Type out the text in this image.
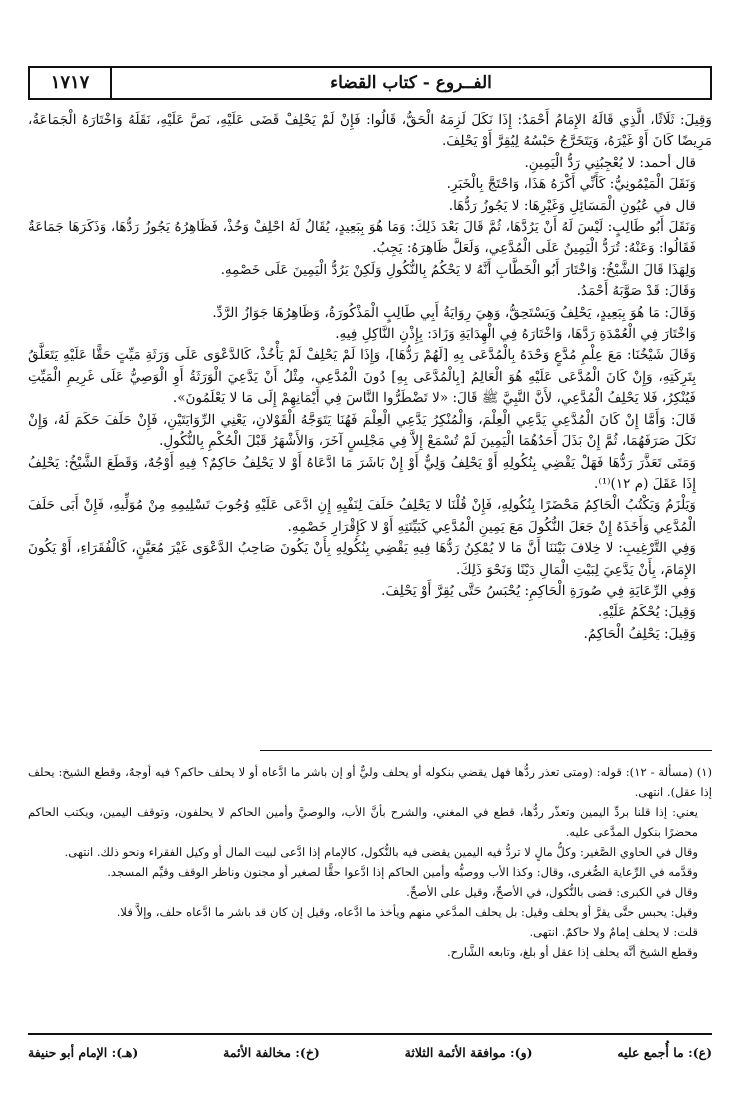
الفــروع - كتاب القضاء
١٧١٧

وَقِيلَ: ثَلَاثًا، الَّذِي قَالَهُ الإِمَامُ أَحْمَدُ: إِذَا نَكَلَ لَزِمَهُ الْحَقُّ، قَالُوا: فَإِنْ لَمْ يَحْلِفْ قَضَى عَلَيْهِ، نَصَّ عَلَيْهِ، نَقَلَهُ وَاخْتَارَهُ الْجَمَاعَةُ، مَرِيضًا كَانَ أَوْ غَيْرَهُ، وَيَتَخَرَّجُ حَبْسُهُ لِيُقِرَّ أَوْ يَحْلِفَ.

قال أحمد: لا يُعْجِبُنِي رَدُّ الْيَمِينِ.

وَنَقَلَ الْمَيْمُونِيُّ: كَأَنِّي أَكْرَهُ هَذَا، وَاحْتَجَّ بِالْخَبَرِ.

قال في عُيُونِ الْمَسَائِلِ وَغَيْرِهَا: لا يَجُوزُ رَدُّهَا.

وَنَقَلَ أَبُو طَالِبٍ: لَيْسَ لَهُ أَنْ يَرُدَّهَا، ثُمَّ قَالَ بَعْدَ ذَلِكَ: وَمَا هُوَ بِبَعِيدٍ، يُقَالُ لَهُ احْلِفْ وَخُذْ، فَظَاهِرُهُ يَجُوزُ رَدُّهَا، وَذَكَرَهَا جَمَاعَةٌ فَقَالُوا: وَعَنْهُ: تُرَدُّ الْيَمِينُ عَلَى الْمُدَّعِي، وَلَعَلَّ ظَاهِرَهُ: يَجِبُ.

وَلِهَذَا قَالَ الشَّيْخُ: وَاخْتَارَ أَبُو الْخَطَّابِ أَنَّهُ لا يَحْكُمُ بِالنُّكُولِ وَلَكِنْ يَرُدُّ الْيَمِينَ عَلَى خَصْمِهِ.

وَقَالَ: قَدْ صَوَّبَهُ أَحْمَدُ.

وَقَالَ: مَا هُوَ بِبَعِيدٍ، يَحْلِفُ وَيَسْتَحِقُّ، وَهِيَ رِوَايَةُ أَبِي طَالِبٍ الْمَذْكُورَةُ، وَظَاهِرُهَا جَوَازُ الرَّدِّ.

وَاخْتَارَ فِي الْعُمْدَةِ رَدَّهَا، وَاخْتَارَهُ فِي الْهِدَايَةِ وَزَادَ: بِإِذْنِ النَّاكِلِ فِيهِ.

وَقَالَ شَيْخُنَا: مَعَ عِلْمِ مُدَّعٍ وَحْدَهُ بِالْمُدَّعَى بِهِ [لَهُمْ رَدُّهَا]، وَإِذَا لَمْ يَحْلِفْ لَمْ يَأْخُذْ، كَالدَّعْوَى عَلَى وَرَثَةِ مَيِّتٍ حَقًّا عَلَيْهِ يَتَعَلَّقُ بِتَرِكَتِهِ، وَإِنْ كَانَ الْمُدَّعَى عَلَيْهِ هُوَ الْعَالِمُ [بِالْمُدَّعَى بِهِ] دُونَ الْمُدَّعِي، مِثْلُ أَنْ يَدَّعِيَ الْوَرَثَةُ أَوِ الْوَصِيُّ عَلَى غَرِيمِ الْمَيِّتِ فَيُنْكِرُ، فَلا يَحْلِفُ الْمُدَّعِي، لأَنَّ النَّبِيَّ ﷺ قَالَ: «لا تَضْطَرُّوا النَّاسَ فِي أَيْمَانِهِمْ إِلَى مَا لا يَعْلَمُونَ».

قَالَ: وَأَمَّا إِنْ كَانَ الْمُدَّعِي يَدَّعِي الْعِلْمَ، وَالْمُنْكِرُ يَدَّعِي الْعِلْمَ فَهُنَا يَتَوَجَّهُ الْقَوْلانِ، يَعْنِي الرِّوَايَتَيْنِ، فَإِنْ حَلَفَ حَكَمَ لَهُ، وَإِنْ نَكَلَ صَرَفَهُمَا، ثُمَّ إِنْ بَذَلَ أَحَدُهُمَا الْيَمِينَ لَمْ تُسْمَعْ إِلاَّ فِي مَجْلِسٍ آخَرَ، وَالأَشْهَرُ قَبْلَ الْحُكْمِ بِالنُّكُولِ.

وَمَتَى تَعَذَّرَ رَدُّهَا فَهَلْ يَقْضِي بِنُكُولِهِ أَوْ يَحْلِفُ وَلِيٌّ أَوْ إِنْ بَاشَرَ مَا ادَّعَاهُ أَوْ لا يَحْلِفُ حَاكِمٌ؟ فِيهِ أَوْجُهٌ، وَقَطَعَ الشَّيْخُ: يَحْلِفُ إِذَا عَقَلَ (م ١٢)⁽¹⁾.

وَيَلْزَمُ وَيَكْتُبُ الْحَاكِمُ مَحْضَرًا بِنُكُولِهِ، فَإِنْ قُلْنَا لا يَحْلِفُ حَلَفَ لِنَفْيِهِ إِنِ ادَّعَى عَلَيْهِ وُجُوبَ تَسْلِيمِهِ مِنْ مُوَلِّيهِ، فَإِنْ أَبَى حَلَفَ الْمُدَّعِي وَأَخَذَهُ إِنْ جَعَلَ النُّكُولَ مَعَ يَمِينِ الْمُدَّعِي كَبَيِّنَتِهِ أَوْ لا كَإِقْرَارِ خَصْمِهِ.

وَفِي التَّرْغِيبِ: لا خِلافَ بَيْنَنَا أَنَّ مَا لا يُمْكِنُ رَدُّهَا فِيهِ يَقْضِي بِنُكُولِهِ بِأَنْ يَكُونَ صَاحِبُ الدَّعْوَى غَيْرَ مُعَيَّنٍ، كَالْفُقَرَاءِ، أَوْ يَكُونَ الإِمَامَ، بِأَنْ يَدَّعِيَ لِبَيْتِ الْمَالِ دَيْنًا وَنَحْوَ ذَلِكَ.

وَفِي الرِّعَايَةِ فِي صُورَةِ الْحَاكِمِ: يُحْبَسُ حَتَّى يُقِرَّ أَوْ يَحْلِفَ.

وَقِيلَ: يُحْكَمُ عَلَيْهِ.

وَقِيلَ: يَحْلِفُ الْحَاكِمُ.

(١) (مسألة - ١٢): قوله: (ومتى تعذر ردُّها فهل يقضي بنكوله أو يحلف وليٌّ أو إن باشر ما ادَّعاه أو لا يحلف حاكم؟ فيه أوجهٌ، وقطع الشيخ: يحلف إذا عقل). انتهى.

يعني: إذا قلنا بردِّ اليمين وتعذّر ردُّها، قطع في المغني، والشرح بأنَّ الأب، والوصيَّ وأمين الحاكم لا يحلفون، وتوقف اليمين، ويكتب الحاكم محضرًا بنكول المدَّعى عليه.

وقال في الحاوي الصَّغير: وكلُّ مالٍ لا تردُّ فيه اليمين يقضى فيه بالنُّكول، كالإمام إذا ادَّعى لبيت المال أو وكيل الفقراء ونحو ذلك. انتهى.

وقدَّمه في الرِّعاية الصُّغرى، وقال: وكذا الأب ووصيُّه وأمين الحاكم إذا ادَّعوا حقًّا لصغير أو مجنون وناظر الوقف وقيِّم المسجد.

وقال في الكبرى: قضى بالنُّكول، في الأصحِّ، وقيل على الأصحِّ.

وقيل: يحبس حتَّى يقرَّ أو يحلف وقيل: بل يحلف المدَّعي منهم ويأخذ ما ادَّعاه، وقيل إن كان قد باشر ما ادَّعاه حلف، وإلاَّ فلا.

قلت: لا يحلف إمامٌ ولا حاكمٌ. انتهى.

وقطع الشيخ أنَّه يحلف إذا عقل أو بلغ، وتابعه الشَّارح.

(ع): ما أُجمع عليه
(و): موافقة الأئمة الثلاثة
(خ): مخالفة الأئمة
(هـ): الإمام أبو حنيفة
